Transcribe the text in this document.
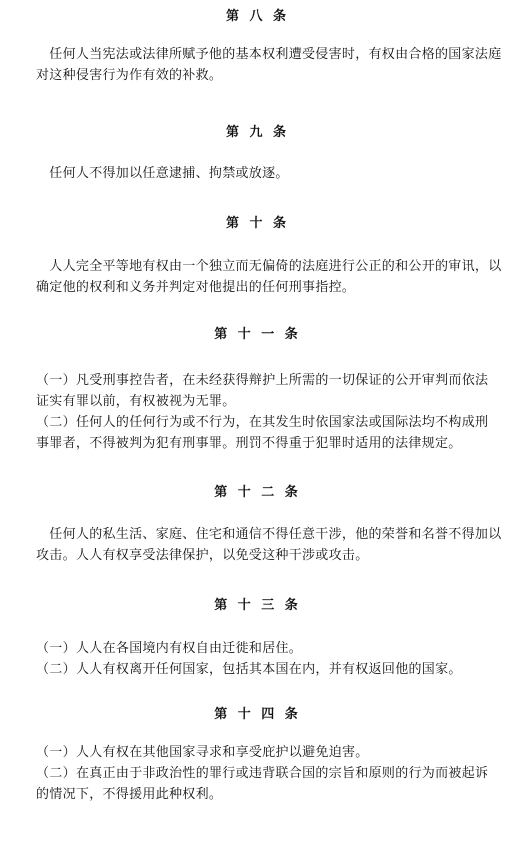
第 八 条
　任何人当宪法或法律所赋予他的基本权利遭受侵害时，有权由合格的国家法庭
对这种侵害行为作有效的补救。
第 九 条
　任何人不得加以任意逮捕、拘禁或放逐。
第 十 条
　人人完全平等地有权由一个独立而无偏倚的法庭进行公正的和公开的审讯，以
确定他的权利和义务并判定对他提出的任何刑事指控。
第 十 一 条
（一）凡受刑事控告者，在未经获得辩护上所需的一切保证的公开审判而依法
证实有罪以前，有权被视为无罪。
（二）任何人的任何行为或不行为，在其发生时依国家法或国际法均不构成刑
事罪者，不得被判为犯有刑事罪。刑罚不得重于犯罪时适用的法律规定。
第 十 二 条
　任何人的私生活、家庭、住宅和通信不得任意干涉，他的荣誉和名誉不得加以
攻击。人人有权享受法律保护，以免受这种干涉或攻击。
第 十 三 条
（一）人人在各国境内有权自由迁徙和居住。
（二）人人有权离开任何国家，包括其本国在内，并有权返回他的国家。
第 十 四 条
（一）人人有权在其他国家寻求和享受庇护以避免迫害。
（二）在真正由于非政治性的罪行或违背联合国的宗旨和原则的行为而被起诉
的情况下，不得援用此种权利。
